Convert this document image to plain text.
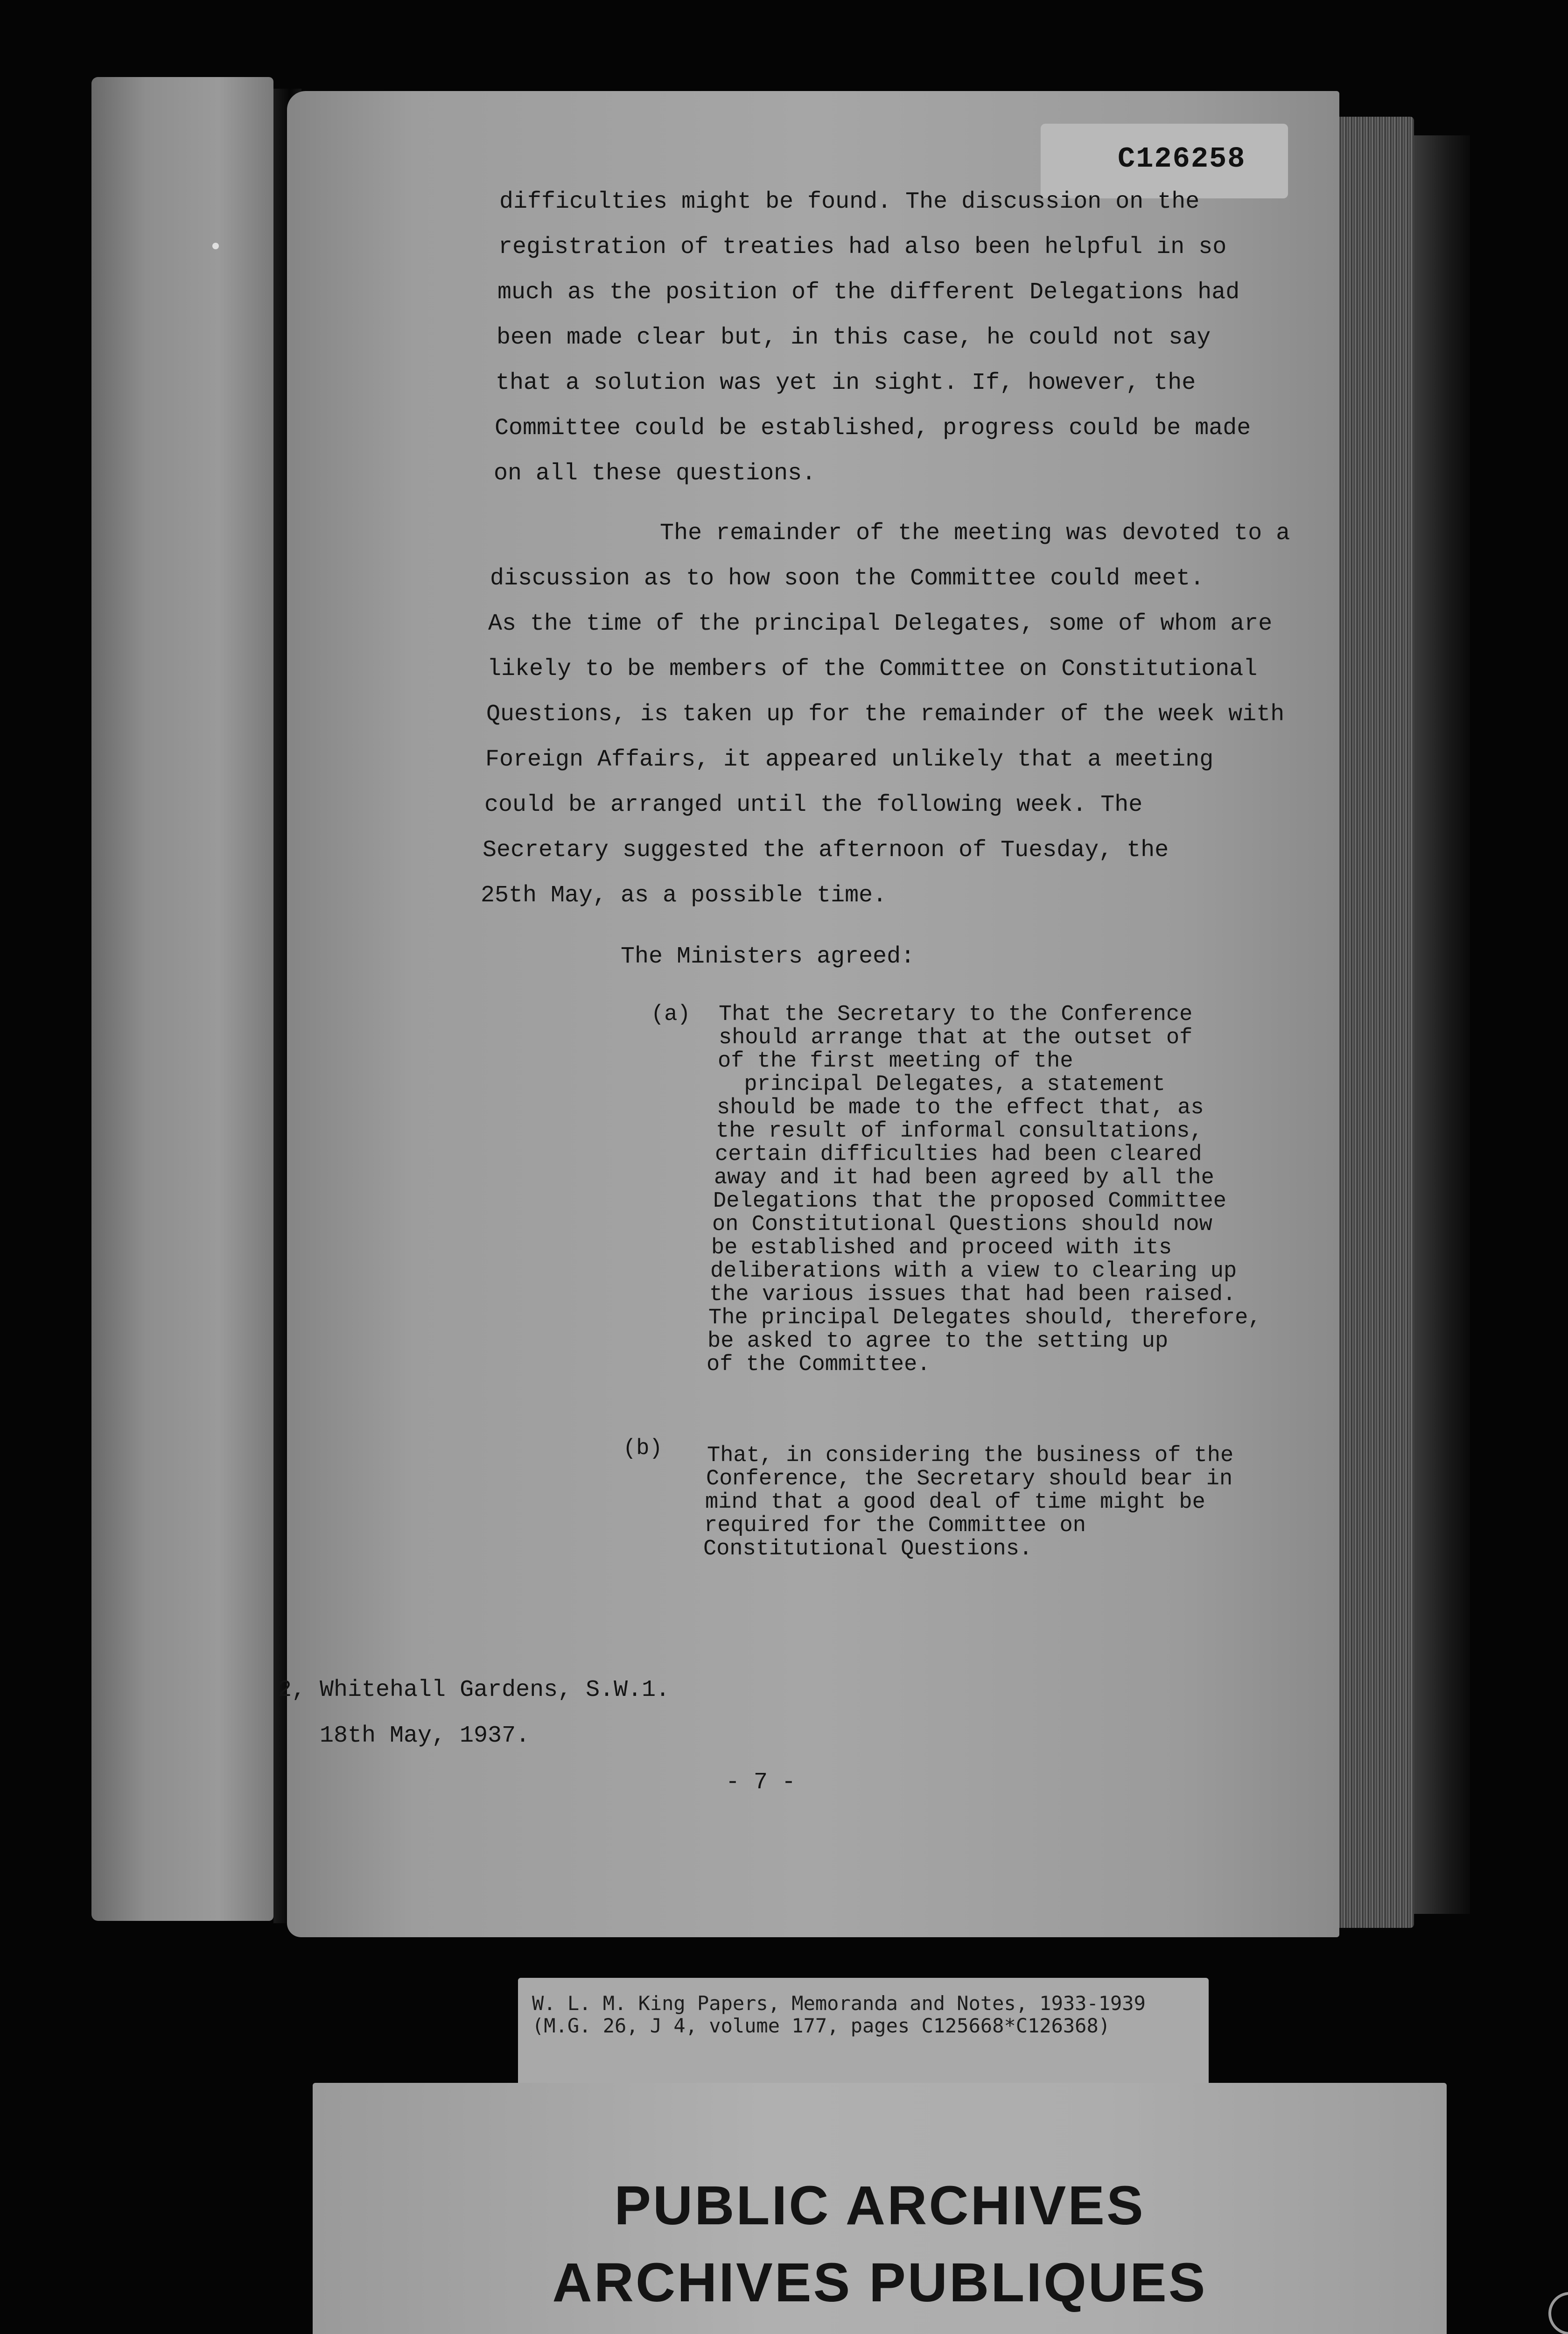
C126258
difficulties might be found. The discussion on the
registration of treaties had also been helpful in so
much as the position of the different Delegations had
been made clear but, in this case, he could not say
that a solution was yet in sight. If, however, the
Committee could be established, progress could be made
on all these questions.
The remainder of the meeting was devoted to a
discussion as to how soon the Committee could meet.
As the time of the principal Delegates, some of whom are
likely to be members of the Committee on Constitutional
Questions, is taken up for the remainder of the week with
Foreign Affairs, it appeared unlikely that a meeting
could be arranged until the following week. The
Secretary suggested the afternoon of Tuesday, the
25th May, as a possible time.
The Ministers agreed:
(a) That the Secretary to the Conference
should arrange that at the outset of
of the first meeting of the
principal Delegates, a statement
should be made to the effect that, as
the result of informal consultations,
certain difficulties had been cleared
away and it had been agreed by all the
Delegations that the proposed Committee
on Constitutional Questions should now
be established and proceed with its
deliberations with a view to clearing up
the various issues that had been raised.
The principal Delegates should, therefore,
be asked to agree to the setting up
of the Committee.
(b) That, in considering the business of the
Conference, the Secretary should bear in
mind that a good deal of time might be
required for the Committee on
Constitutional Questions.
2, Whitehall Gardens, S.W.1.
18th May, 1937.
- 7 -
W. L. M. King Papers, Memoranda and Notes, 1933-1939
(M.G. 26, J 4, volume 177, pages C125668*C126368)
PUBLIC ARCHIVES
ARCHIVES PUBLIQUES
